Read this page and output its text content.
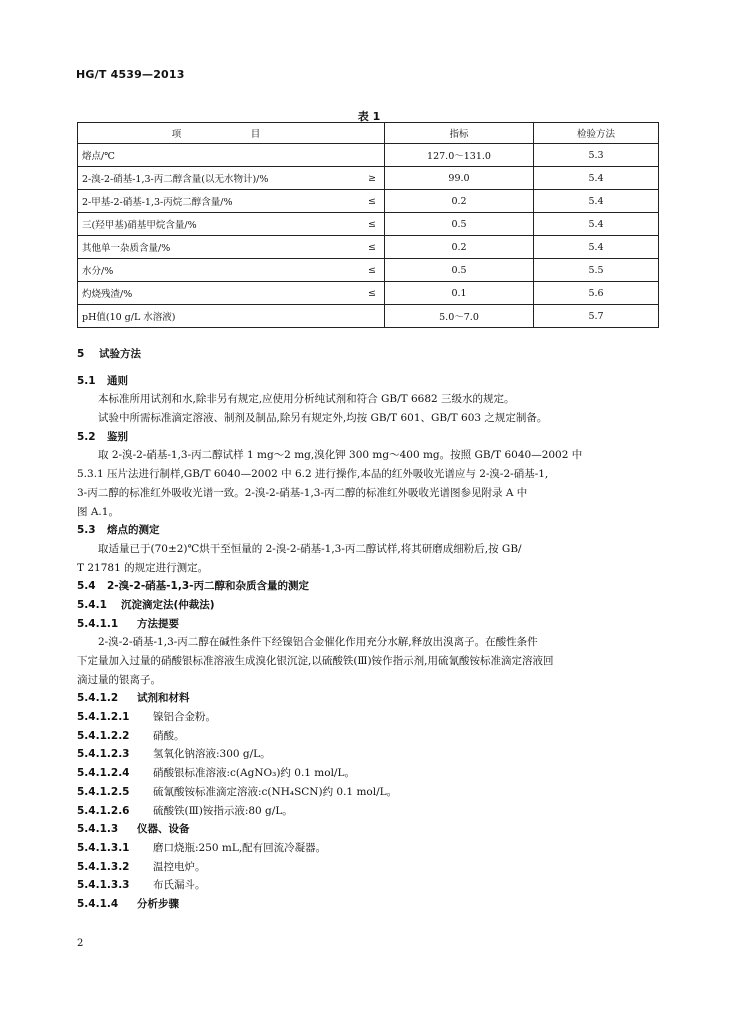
HG/T 4539—2013
表 1
项　目		指标	检验方法
熔点/℃		127.0～131.0	5.3
2-溴-2-硝基-1,3-丙二醇含量(以无水物计)/%	≥	99.0	5.4
2-甲基-2-硝基-1,3-丙烷二醇含量/%	≤	0.2	5.4
三(羟甲基)硝基甲烷含量/%	≤	0.5	5.4
其他单一杂质含量/%	≤	0.2	5.4
水分/%	≤	0.5	5.5
灼烧残渣/%	≤	0.1	5.6
pH值(10 g/L 水溶液)		5.0～7.0	5.7
5 试验方法
5.1 通则
本标准所用试剂和水,除非另有规定,应使用分析纯试剂和符合 GB/T 6682 三级水的规定。
试验中所需标准滴定溶液、制剂及制品,除另有规定外,均按 GB/T 601、GB/T 603 之规定制备。
5.2 鉴别
取 2-溴-2-硝基-1,3-丙二醇试样 1 mg～2 mg,溴化钾 300 mg～400 mg。按照 GB/T 6040—2002 中
5.3.1 压片法进行制样,GB/T 6040—2002 中 6.2 进行操作,本品的红外吸收光谱应与 2-溴-2-硝基-1,
3-丙二醇的标准红外吸收光谱一致。2-溴-2-硝基-1,3-丙二醇的标准红外吸收光谱图参见附录 A 中
图 A.1。
5.3 熔点的测定
取适量已于(70±2)℃烘干至恒量的 2-溴-2-硝基-1,3-丙二醇试样,将其研磨成细粉后,按 GB/
T 21781 的规定进行测定。
5.4 2-溴-2-硝基-1,3-丙二醇和杂质含量的测定
5.4.1 沉淀滴定法(仲裁法)
5.4.1.1 方法提要
2-溴-2-硝基-1,3-丙二醇在碱性条件下经镍铝合金催化作用充分水解,释放出溴离子。在酸性条件
下定量加入过量的硝酸银标准溶液生成溴化银沉淀,以硫酸铁(Ⅲ)铵作指示剂,用硫氰酸铵标准滴定溶液回
滴过量的银离子。
5.4.1.2 试剂和材料
5.4.1.2.1 镍铝合金粉。
5.4.1.2.2 硝酸。
5.4.1.2.3 氢氧化钠溶液:300 g/L。
5.4.1.2.4 硝酸银标准溶液:c(AgNO₃)约 0.1 mol/L。
5.4.1.2.5 硫氰酸铵标准滴定溶液:c(NH₄SCN)约 0.1 mol/L。
5.4.1.2.6 硫酸铁(Ⅲ)铵指示液:80 g/L。
5.4.1.3 仪器、设备
5.4.1.3.1 磨口烧瓶:250 mL,配有回流冷凝器。
5.4.1.3.2 温控电炉。
5.4.1.3.3 布氏漏斗。
5.4.1.4 分析步骤
2
